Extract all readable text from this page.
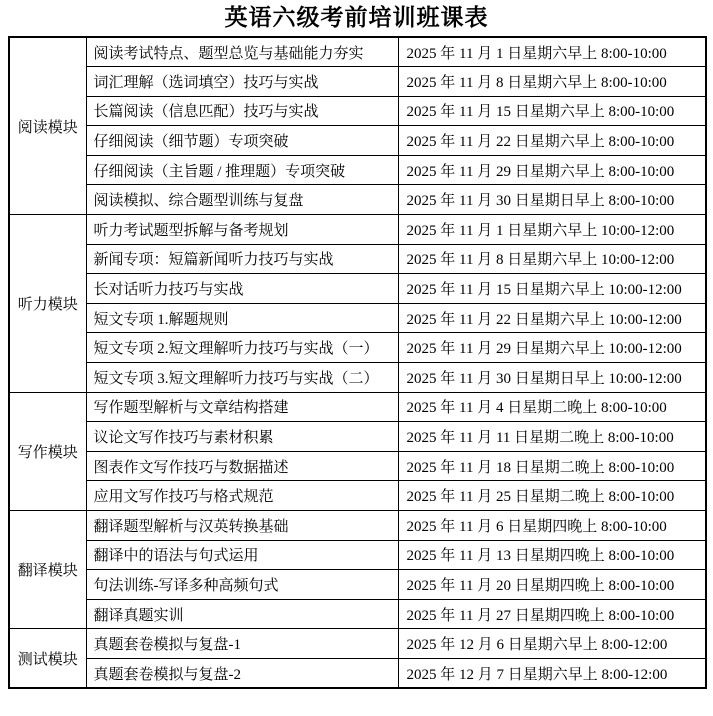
英语六级考前培训班课表
阅读模块	阅读考试特点、题型总览与基础能力夯实	2025 年 11 月 1 日星期六早上 8:00-10:00
	词汇理解（选词填空）技巧与实战	2025 年 11 月 8 日星期六早上 8:00-10:00
	长篇阅读（信息匹配）技巧与实战	2025 年 11 月 15 日星期六早上 8:00-10:00
	仔细阅读（细节题）专项突破	2025 年 11 月 22 日星期六早上 8:00-10:00
	仔细阅读（主旨题 / 推理题）专项突破	2025 年 11 月 29 日星期六早上 8:00-10:00
	阅读模拟、综合题型训练与复盘	2025 年 11 月 30 日星期日早上 8:00-10:00
听力模块	听力考试题型拆解与备考规划	2025 年 11 月 1 日星期六早上 10:00-12:00
	新闻专项：短篇新闻听力技巧与实战	2025 年 11 月 8 日星期六早上 10:00-12:00
	长对话听力技巧与实战	2025 年 11 月 15 日星期六早上 10:00-12:00
	短文专项 1.解题规则	2025 年 11 月 22 日星期六早上 10:00-12:00
	短文专项 2.短文理解听力技巧与实战（一）	2025 年 11 月 29 日星期六早上 10:00-12:00
	短文专项 3.短文理解听力技巧与实战（二）	2025 年 11 月 30 日星期日早上 10:00-12:00
写作模块	写作题型解析与文章结构搭建	2025 年 11 月 4 日星期二晚上 8:00-10:00
	议论文写作技巧与素材积累	2025 年 11 月 11 日星期二晚上 8:00-10:00
	图表作文写作技巧与数据描述	2025 年 11 月 18 日星期二晚上 8:00-10:00
	应用文写作技巧与格式规范	2025 年 11 月 25 日星期二晚上 8:00-10:00
翻译模块	翻译题型解析与汉英转换基础	2025 年 11 月 6 日星期四晚上 8:00-10:00
	翻译中的语法与句式运用	2025 年 11 月 13 日星期四晚上 8:00-10:00
	句法训练-写译多种高频句式	2025 年 11 月 20 日星期四晚上 8:00-10:00
	翻译真题实训	2025 年 11 月 27 日星期四晚上 8:00-10:00
测试模块	真题套卷模拟与复盘-1	2025 年 12 月 6 日星期六早上 8:00-12:00
	真题套卷模拟与复盘-2	2025 年 12 月 7 日星期六早上 8:00-12:00
